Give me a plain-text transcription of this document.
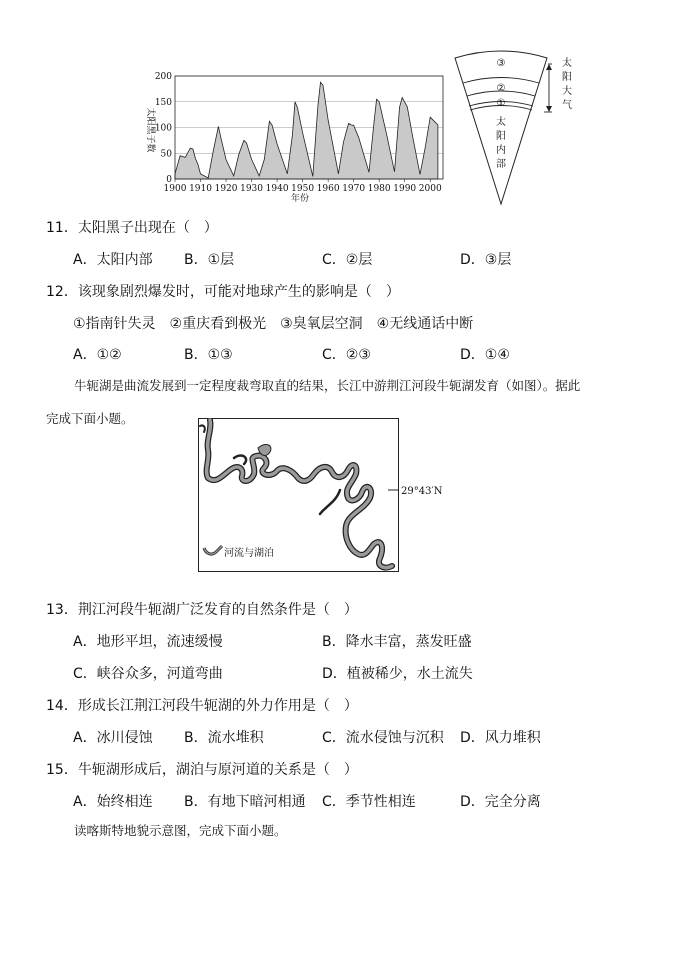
0
50
100
150
200
1900 1910 1920 1930 1940 1950 1960 1970 1980 1990 2000
太阳黑子数
年份
③
②
①
太
阳
内
部
太
阳
大
气
11．太阳黑子出现在（　）
A．太阳内部 B．①层	C．②层	D．③层
12．该现象剧烈爆发时，可能对地球产生的影响是（　）
①指南针失灵　②重庆看到极光　③臭氧层空洞　④无线通话中断
A．①②	B．①③	C．②③	D．①④
牛轭湖是曲流发展到一定程度裁弯取直的结果，长江中游荆江河段牛轭湖发育（如图）。据此
完成下面小题。
29°43′N
河流与湖泊
13．荆江河段牛轭湖广泛发育的自然条件是（　）
A．地形平坦，流速缓慢	B．降水丰富，蒸发旺盛
C．峡谷众多，河道弯曲	D．植被稀少，水土流失
14．形成长江荆江河段牛轭湖的外力作用是（　）
A．冰川侵蚀 B．流水堆积	C．流水侵蚀与沉积 D．风力堆积
15．牛轭湖形成后，湖泊与原河道的关系是（　）
A．始终相连 B．有地下暗河相通 C．季节性相连	D．完全分离
读喀斯特地貌示意图，完成下面小题。
